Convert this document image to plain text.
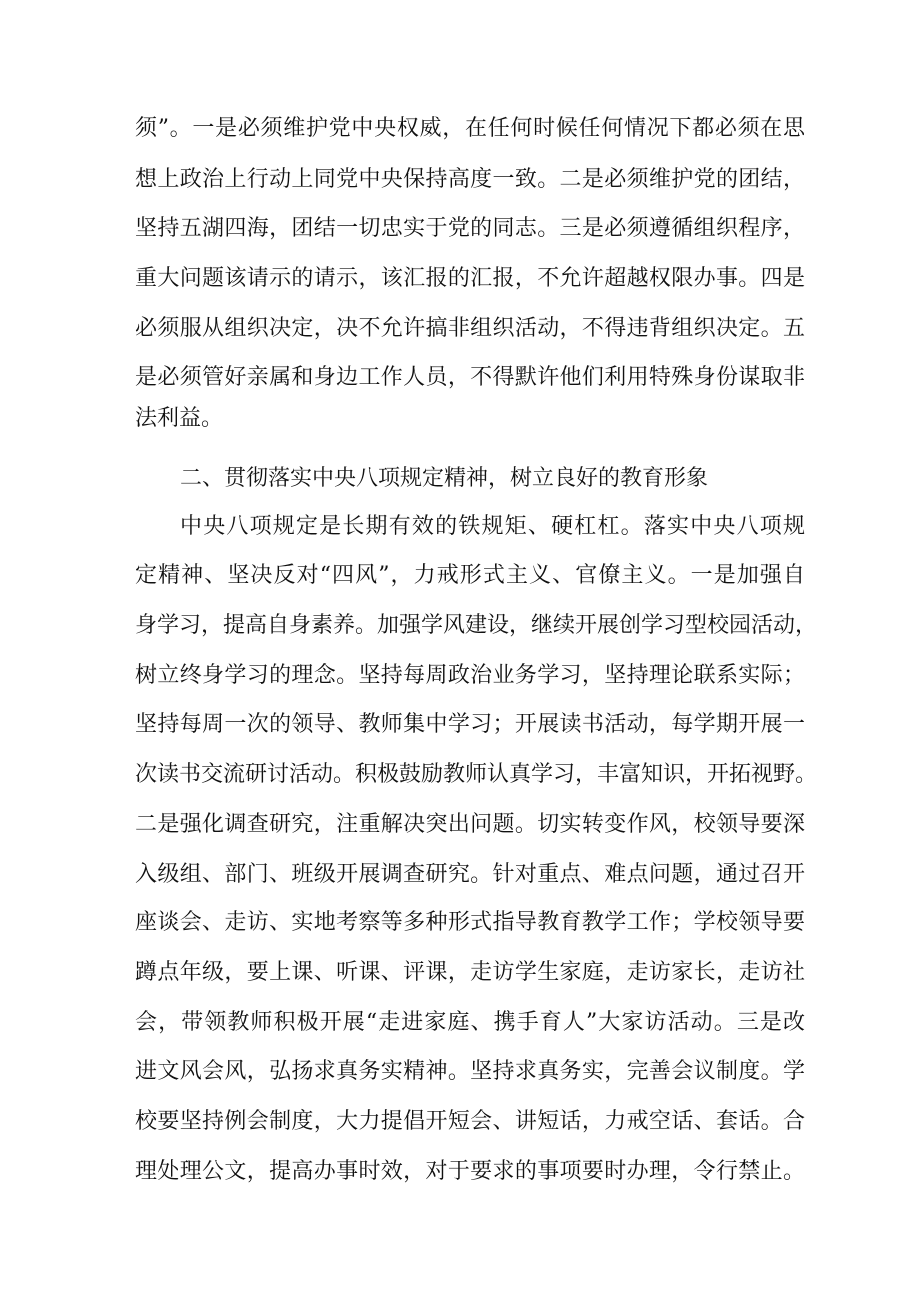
须”。一是必须维护党中央权威，在任何时候任何情况下都必须在思
想上政治上行动上同党中央保持高度一致。二是必须维护党的团结，
坚持五湖四海，团结一切忠实于党的同志。三是必须遵循组织程序，
重大问题该请示的请示，该汇报的汇报，不允许超越权限办事。四是
必须服从组织决定，决不允许搞非组织活动，不得违背组织决定。五
是必须管好亲属和身边工作人员，不得默许他们利用特殊身份谋取非
法利益。
二、贯彻落实中央八项规定精神，树立良好的教育形象
中央八项规定是长期有效的铁规矩、硬杠杠。落实中央八项规
定精神、坚决反对“四风”，力戒形式主义、官僚主义。一是加强自
身学习，提高自身素养。加强学风建设，继续开展创学习型校园活动，
树立终身学习的理念。坚持每周政治业务学习，坚持理论联系实际；
坚持每周一次的领导、教师集中学习；开展读书活动，每学期开展一
次读书交流研讨活动。积极鼓励教师认真学习，丰富知识，开拓视野。
二是强化调查研究，注重解决突出问题。切实转变作风，校领导要深
入级组、部门、班级开展调查研究。针对重点、难点问题，通过召开
座谈会、走访、实地考察等多种形式指导教育教学工作；学校领导要
蹲点年级，要上课、听课、评课，走访学生家庭，走访家长，走访社
会，带领教师积极开展“走进家庭、携手育人”大家访活动。三是改
进文风会风，弘扬求真务实精神。坚持求真务实，完善会议制度。学
校要坚持例会制度，大力提倡开短会、讲短话，力戒空话、套话。合
理处理公文，提高办事时效，对于要求的事项要时办理，令行禁止。
